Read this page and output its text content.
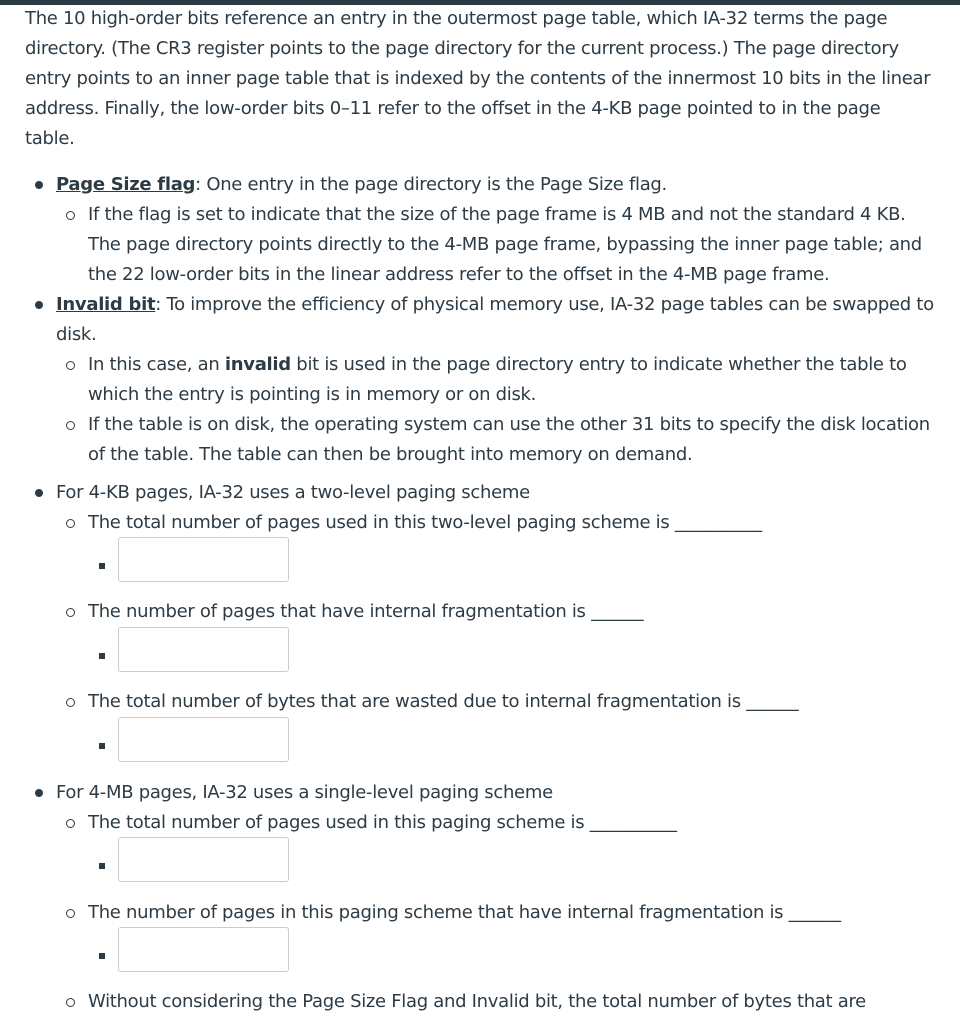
The 10 high-order bits reference an entry in the outermost page table, which IA-32 terms the page
directory. (The CR3 register points to the page directory for the current process.) The page directory
entry points to an inner page table that is indexed by the contents of the innermost 10 bits in the linear
address. Finally, the low-order bits 0–11 refer to the offset in the 4-KB page pointed to in the page
table.
Page Size flag: One entry in the page directory is the Page Size flag.
If the flag is set to indicate that the size of the page frame is 4 MB and not the standard 4 KB.
The page directory points directly to the 4-MB page frame, bypassing the inner page table; and
the 22 low-order bits in the linear address refer to the offset in the 4-MB page frame.
Invalid bit: To improve the efficiency of physical memory use, IA-32 page tables can be swapped to
disk.
In this case, an invalid bit is used in the page directory entry to indicate whether the table to
which the entry is pointing is in memory or on disk.
If the table is on disk, the operating system can use the other 31 bits to specify the disk location
of the table. The table can then be brought into memory on demand.
For 4-KB pages, IA-32 uses a two-level paging scheme
The total number of pages used in this two-level paging scheme is __________
The number of pages that have internal fragmentation is ______
The total number of bytes that are wasted due to internal fragmentation is ______
For 4-MB pages, IA-32 uses a single-level paging scheme
The total number of pages used in this paging scheme is __________
The number of pages in this paging scheme that have internal fragmentation is ______
Without considering the Page Size Flag and Invalid bit, the total number of bytes that are
